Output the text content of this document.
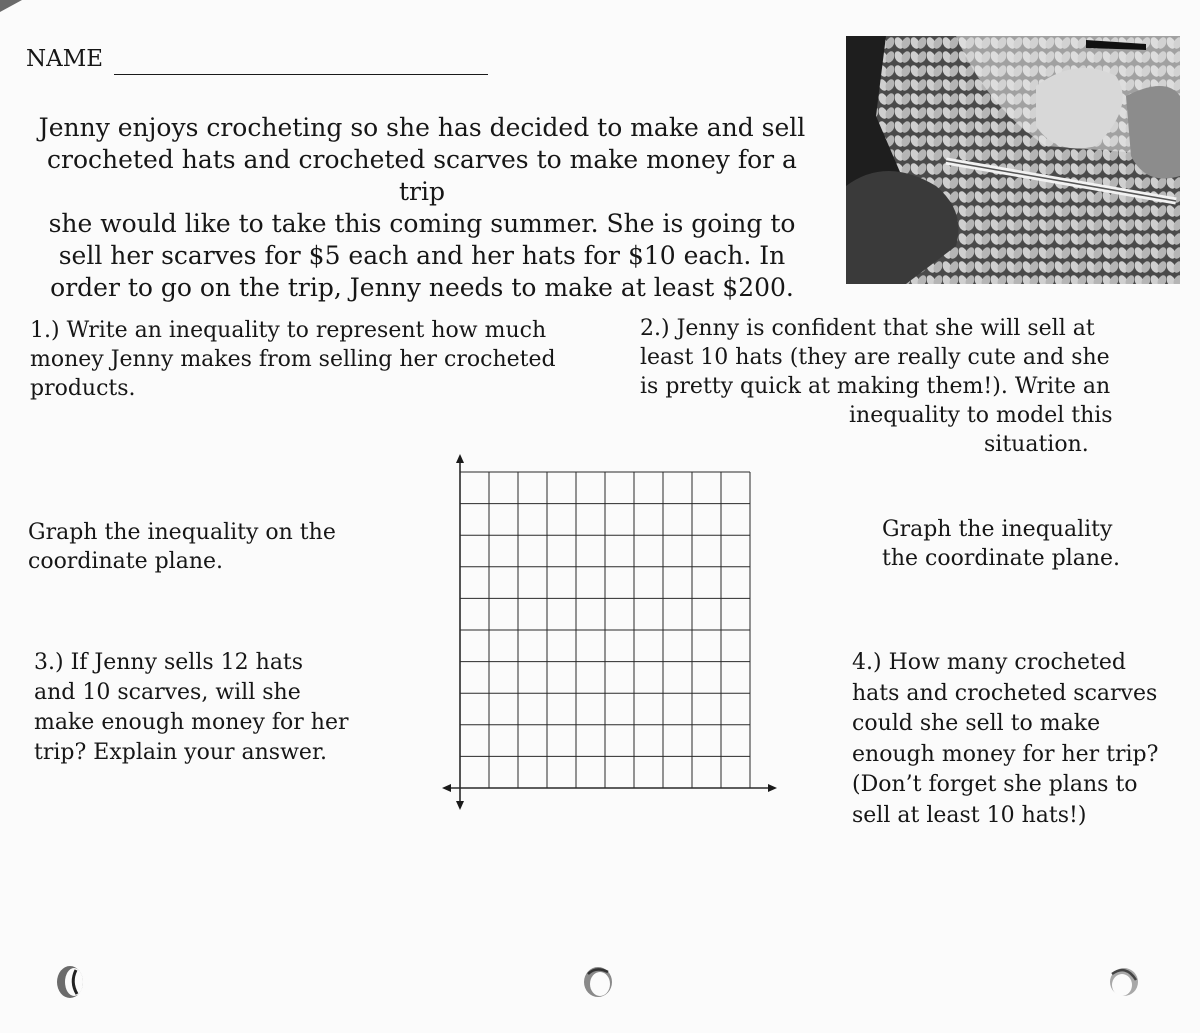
NAME
Jenny enjoys crocheting so she has decided to make and sell
crocheted hats and crocheted scarves to make money for a trip
she would like to take this coming summer. She is going to
sell her scarves for $5 each and her hats for $10 each. In
order to go on the trip, Jenny needs to make at least $200.
1.) Write an inequality to represent how much
money Jenny makes from selling her crocheted
products.
2.) Jenny is confident that she will sell at
least 10 hats (they are really cute and she
is pretty quick at making them!). Write an
inequality to model this
situation.
Graph the inequality on the
coordinate plane.
Graph the inequality
the coordinate plane.
3.) If Jenny sells 12 hats
and 10 scarves, will she
make enough money for her
trip? Explain your answer.
4.) How many crocheted
hats and crocheted scarves
could she sell to make
enough money for her trip?
(Don’t forget she plans to
sell at least 10 hats!)
